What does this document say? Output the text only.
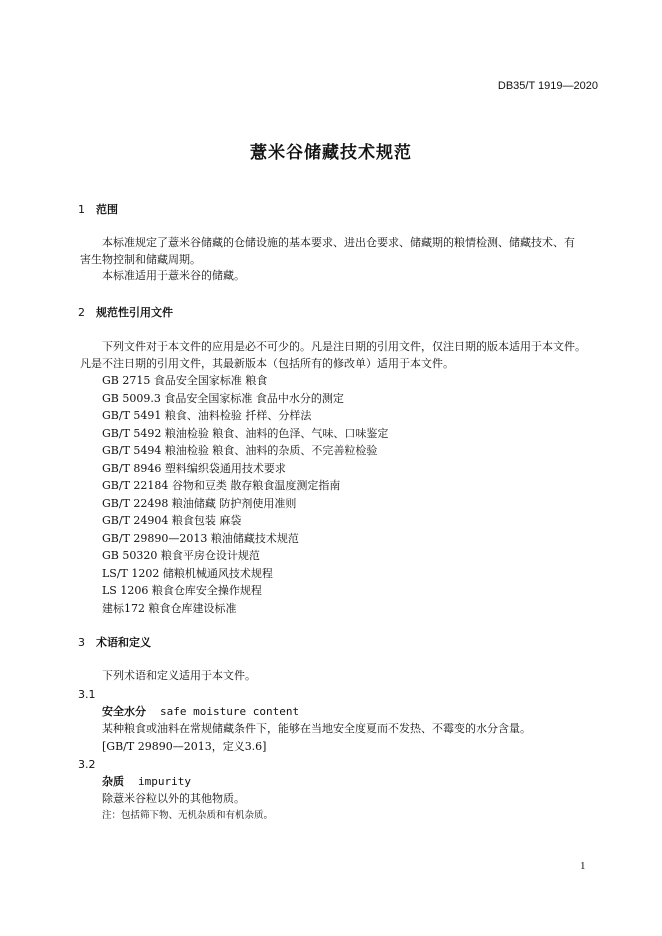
DB35/T 1919—2020
薏米谷储藏技术规范
1 范围
本标准规定了薏米谷储藏的仓储设施的基本要求、进出仓要求、储藏期的粮情检测、储藏技术、有
害生物控制和储藏周期。
本标准适用于薏米谷的储藏。
2 规范性引用文件
下列文件对于本文件的应用是必不可少的。凡是注日期的引用文件，仅注日期的版本适用于本文件。
凡是不注日期的引用文件，其最新版本（包括所有的修改单）适用于本文件。
GB 2715 食品安全国家标准 粮食
GB 5009.3 食品安全国家标准 食品中水分的测定
GB/T 5491 粮食、油料检验 扦样、分样法
GB/T 5492 粮油检验 粮食、油料的色泽、气味、口味鉴定
GB/T 5494 粮油检验 粮食、油料的杂质、不完善粒检验
GB/T 8946 塑料编织袋通用技术要求
GB/T 22184 谷物和豆类 散存粮食温度测定指南
GB/T 22498 粮油储藏 防护剂使用准则
GB/T 24904 粮食包装 麻袋
GB/T 29890—2013 粮油储藏技术规范
GB 50320 粮食平房仓设计规范
LS/T 1202 储粮机械通风技术规程
LS 1206 粮食仓库安全操作规程
建标172 粮食仓库建设标准
3 术语和定义
下列术语和定义适用于本文件。
3.1
安全水分 safe moisture content
某种粮食或油料在常规储藏条件下，能够在当地安全度夏而不发热、不霉变的水分含量。
[GB/T 29890—2013，定义3.6]
3.2
杂质 impurity
除薏米谷粒以外的其他物质。
注：包括筛下物、无机杂质和有机杂质。
1
